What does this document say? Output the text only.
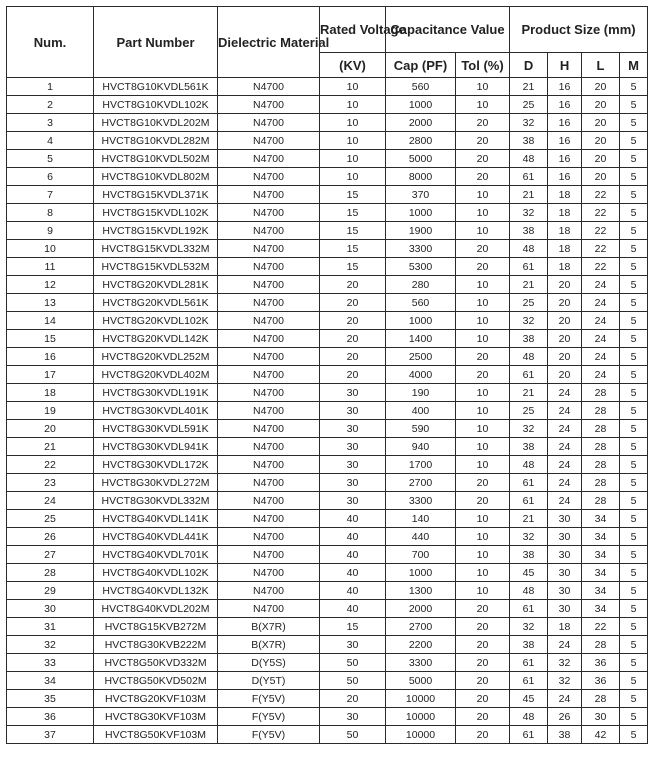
Num.	Part Number	Dielectric Material	Rated Voltage	Capacitance Value		Product Size (mm)			
			(KV)	Cap (PF)	Tol (%)	D	H	L	M
1	HVCT8G10KVDL561K	N4700	10	560	10	21	16	20	5
2	HVCT8G10KVDL102K	N4700	10	1000	10	25	16	20	5
3	HVCT8G10KVDL202M	N4700	10	2000	20	32	16	20	5
4	HVCT8G10KVDL282M	N4700	10	2800	20	38	16	20	5
5	HVCT8G10KVDL502M	N4700	10	5000	20	48	16	20	5
6	HVCT8G10KVDL802M	N4700	10	8000	20	61	16	20	5
7	HVCT8G15KVDL371K	N4700	15	370	10	21	18	22	5
8	HVCT8G15KVDL102K	N4700	15	1000	10	32	18	22	5
9	HVCT8G15KVDL192K	N4700	15	1900	10	38	18	22	5
10	HVCT8G15KVDL332M	N4700	15	3300	20	48	18	22	5
11	HVCT8G15KVDL532M	N4700	15	5300	20	61	18	22	5
12	HVCT8G20KVDL281K	N4700	20	280	10	21	20	24	5
13	HVCT8G20KVDL561K	N4700	20	560	10	25	20	24	5
14	HVCT8G20KVDL102K	N4700	20	1000	10	32	20	24	5
15	HVCT8G20KVDL142K	N4700	20	1400	10	38	20	24	5
16	HVCT8G20KVDL252M	N4700	20	2500	20	48	20	24	5
17	HVCT8G20KVDL402M	N4700	20	4000	20	61	20	24	5
18	HVCT8G30KVDL191K	N4700	30	190	10	21	24	28	5
19	HVCT8G30KVDL401K	N4700	30	400	10	25	24	28	5
20	HVCT8G30KVDL591K	N4700	30	590	10	32	24	28	5
21	HVCT8G30KVDL941K	N4700	30	940	10	38	24	28	5
22	HVCT8G30KVDL172K	N4700	30	1700	10	48	24	28	5
23	HVCT8G30KVDL272M	N4700	30	2700	20	61	24	28	5
24	HVCT8G30KVDL332M	N4700	30	3300	20	61	24	28	5
25	HVCT8G40KVDL141K	N4700	40	140	10	21	30	34	5
26	HVCT8G40KVDL441K	N4700	40	440	10	32	30	34	5
27	HVCT8G40KVDL701K	N4700	40	700	10	38	30	34	5
28	HVCT8G40KVDL102K	N4700	40	1000	10	45	30	34	5
29	HVCT8G40KVDL132K	N4700	40	1300	10	48	30	34	5
30	HVCT8G40KVDL202M	N4700	40	2000	20	61	30	34	5
31	HVCT8G15KVB272M	B(X7R)	15	2700	20	32	18	22	5
32	HVCT8G30KVB222M	B(X7R)	30	2200	20	38	24	28	5
33	HVCT8G50KVD332M	D(Y5S)	50	3300	20	61	32	36	5
34	HVCT8G50KVD502M	D(Y5T)	50	5000	20	61	32	36	5
35	HVCT8G20KVF103M	F(Y5V)	20	10000	20	45	24	28	5
36	HVCT8G30KVF103M	F(Y5V)	30	10000	20	48	26	30	5
37	HVCT8G50KVF103M	F(Y5V)	50	10000	20	61	38	42	5
